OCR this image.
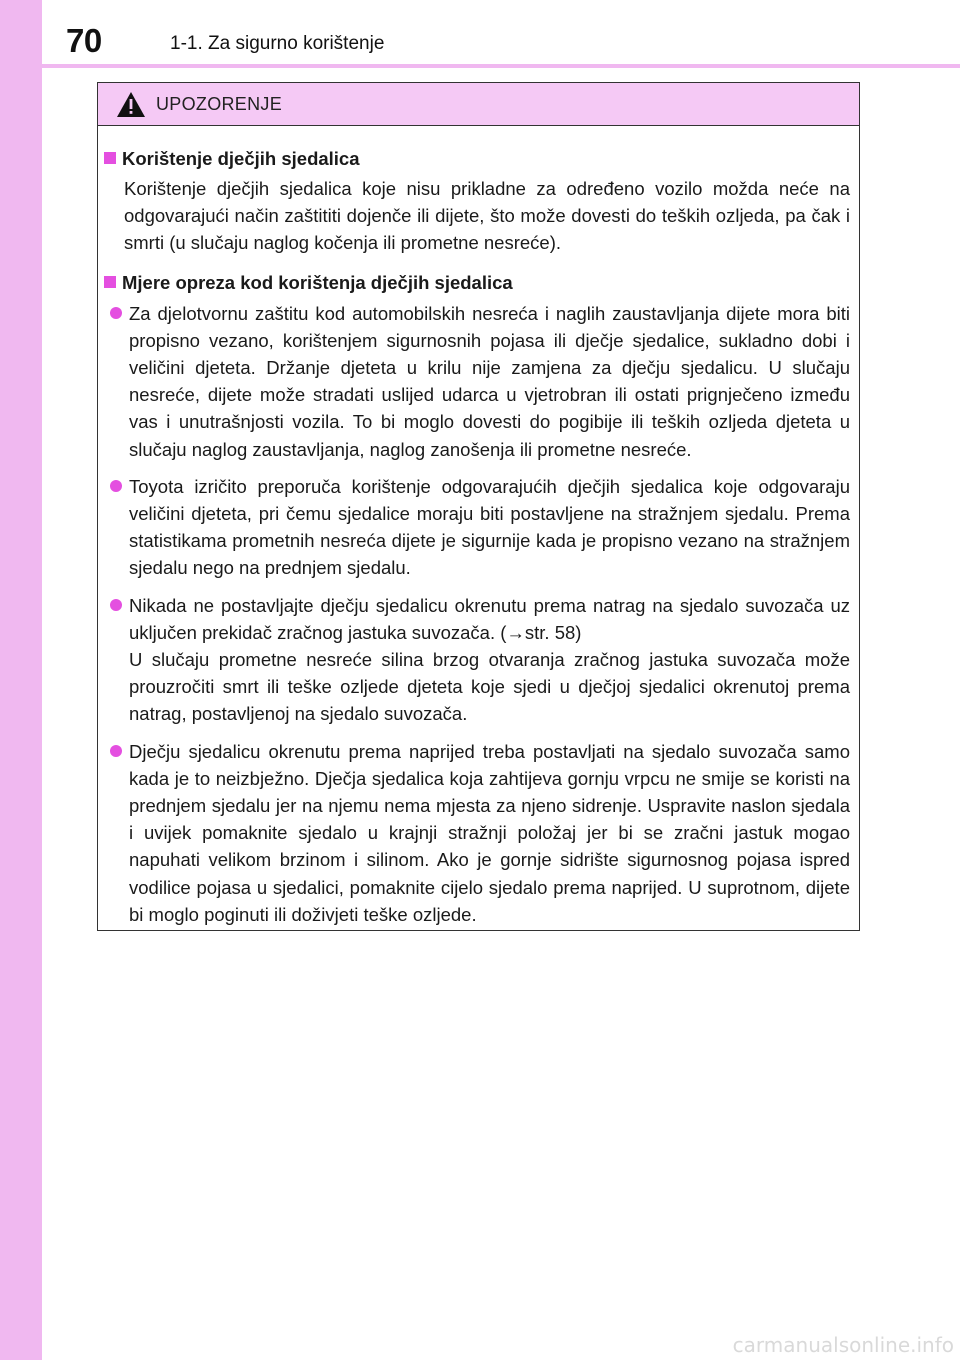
70	1-1. Za sigurno korištenje
UPOZORENJE
Korištenje dječjih sjedalica
Korištenje dječjih sjedalica koje nisu prikladne za određeno vozilo možda neće na odgovarajući način zaštititi dojenče ili dijete, što može dovesti do teških ozljeda, pa čak i smrti (u slučaju naglog kočenja ili prometne nesreće).
Mjere opreza kod korištenja dječjih sjedalica
Za djelotvornu zaštitu kod automobilskih nesreća i naglih zaustavljanja dijete mora biti propisno vezano, korištenjem sigurnosnih pojasa ili dječje sjedalice, sukladno dobi i veličini djeteta. Držanje djeteta u krilu nije zamjena za dječju sjedalicu. U slučaju nesreće, dijete može stradati uslijed udarca u vjetrobran ili ostati prignječeno između vas i unutrašnjosti vozila. To bi moglo dovesti do pogibije ili teških ozljeda djeteta u slučaju naglog zaustavljanja, naglog zanošenja ili prometne nesreće.
Toyota izričito preporuča korištenje odgovarajućih dječjih sjedalica koje odgovaraju veličini djeteta, pri čemu sjedalice moraju biti postavljene na stražnjem sjedalu. Prema statistikama prometnih nesreća dijete je sigurnije kada je propisno vezano na stražnjem sjedalu nego na prednjem sjedalu.
Nikada ne postavljajte dječju sjedalicu okrenutu prema natrag na sjedalo suvozača uz uključen prekidač zračnog jastuka suvozača. (→str. 58)
U slučaju prometne nesreće silina brzog otvaranja zračnog jastuka suvozača može prouzročiti smrt ili teške ozljede djeteta koje sjedi u dječjoj sjedalici okrenutoj prema natrag, postavljenoj na sjedalo suvozača.
Dječju sjedalicu okrenutu prema naprijed treba postavljati na sjedalo suvozača samo kada je to neizbježno. Dječja sjedalica koja zahtijeva gornju vrpcu ne smije se koristi na prednjem sjedalu jer na njemu nema mjesta za njeno sidrenje. Uspravite naslon sjedala i uvijek pomaknite sjedalo u krajnji stražnji položaj jer bi se zračni jastuk mogao napuhati velikom brzinom i silinom. Ako je gornje sidrište sigurnosnog pojasa ispred vodilice pojasa u sjedalici, pomaknite cijelo sjedalo prema naprijed. U suprotnom, dijete bi moglo poginuti ili doživjeti teške ozljede.
carmanualsonline.info
